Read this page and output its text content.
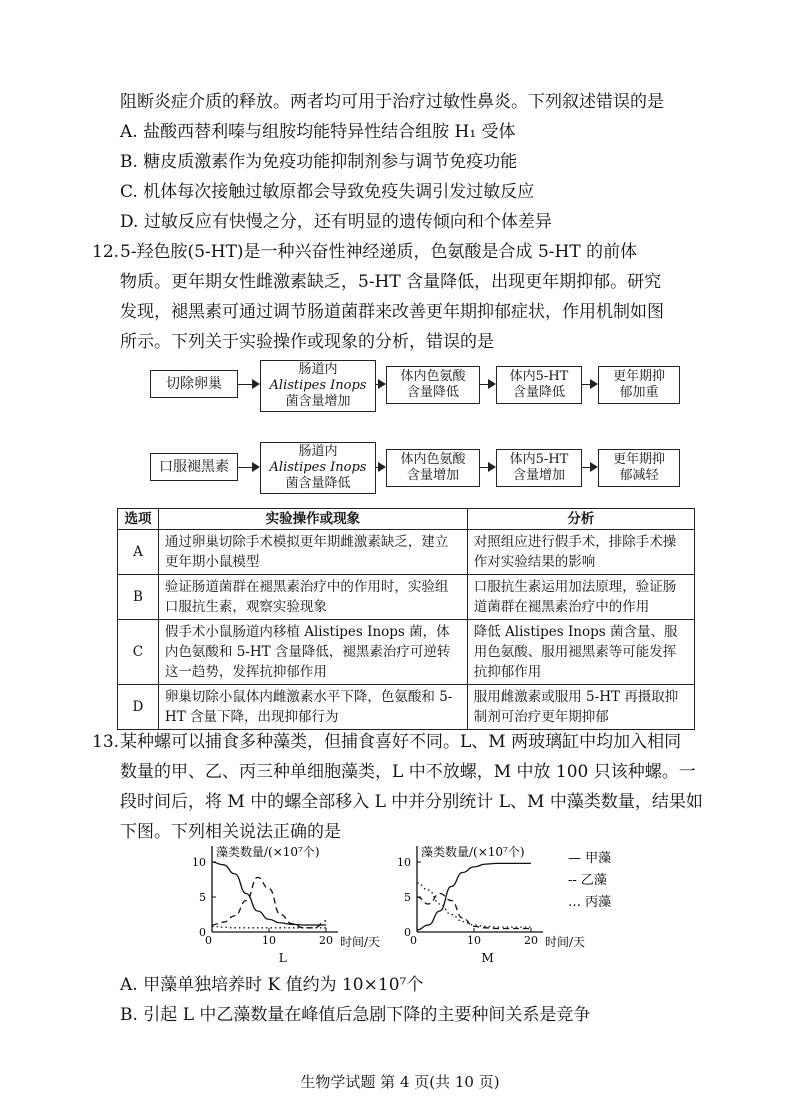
阻断炎症介质的释放。两者均可用于治疗过敏性鼻炎。下列叙述错误的是
A. 盐酸西替利嗪与组胺均能特异性结合组胺 H₁ 受体
B. 糖皮质激素作为免疫功能抑制剂参与调节免疫功能
C. 机体每次接触过敏原都会导致免疫失调引发过敏反应
D. 过敏反应有快慢之分，还有明显的遗传倾向和个体差异
12. 5-羟色胺(5-HT)是一种兴奋性神经递质，色氨酸是合成 5-HT 的前体
物质。更年期女性雌激素缺乏，5-HT 含量降低，出现更年期抑郁。研究
发现，褪黑素可通过调节肠道菌群来改善更年期抑郁症状，作用机制如图
所示。下列关于实验操作或现象的分析，错误的是
切除卵巢
肠道内
Alistipes Inops
菌含量增加
体内色氨酸
含量降低
体内5-HT
含量降低
更年期抑
郁加重
口服褪黑素
肠道内
Alistipes Inops
菌含量降低
体内色氨酸
含量增加
体内5-HT
含量增加
更年期抑
郁减轻
选项	实验操作或现象	分析
A	通过卵巢切除手术模拟更年期雌激素缺乏，建立更年期小鼠模型	对照组应进行假手术，排除手术操作对实验结果的影响
B	验证肠道菌群在褪黑素治疗中的作用时，实验组口服抗生素，观察实验现象	口服抗生素运用加法原理，验证肠道菌群在褪黑素治疗中的作用
C	假手术小鼠肠道内移植 Alistipes Inops 菌，体内色氨酸和 5-HT 含量降低，褪黑素治疗可逆转这一趋势，发挥抗抑郁作用	降低 Alistipes Inops 菌含量、服用色氨酸、服用褪黑素等可能发挥抗抑郁作用
D	卵巢切除小鼠体内雌激素水平下降，色氨酸和 5-HT 含量下降，出现抑郁行为	服用雌激素或服用 5-HT 再摄取抑制剂可治疗更年期抑郁
13. 某种螺可以捕食多种藻类，但捕食喜好不同。L、M 两玻璃缸中均加入相同
数量的甲、乙、丙三种单细胞藻类，L 中不放螺，M 中放 100 只该种螺。一
段时间后，将 M 中的螺全部移入 L 中并分别统计 L、M 中藻类数量，结果如
下图。下列相关说法正确的是
藻类数量/(×10⁷个)
时间/天
0
5
10
0	10	20
L
藻类数量/(×10⁷个)
时间/天
0
5
10
0	10	20
M
— 甲藻
-- 乙藻
… 丙藻
A. 甲藻单独培养时 K 值约为 10×10⁷个
B. 引起 L 中乙藻数量在峰值后急剧下降的主要种间关系是竞争
生物学试题 第 4 页(共 10 页)
